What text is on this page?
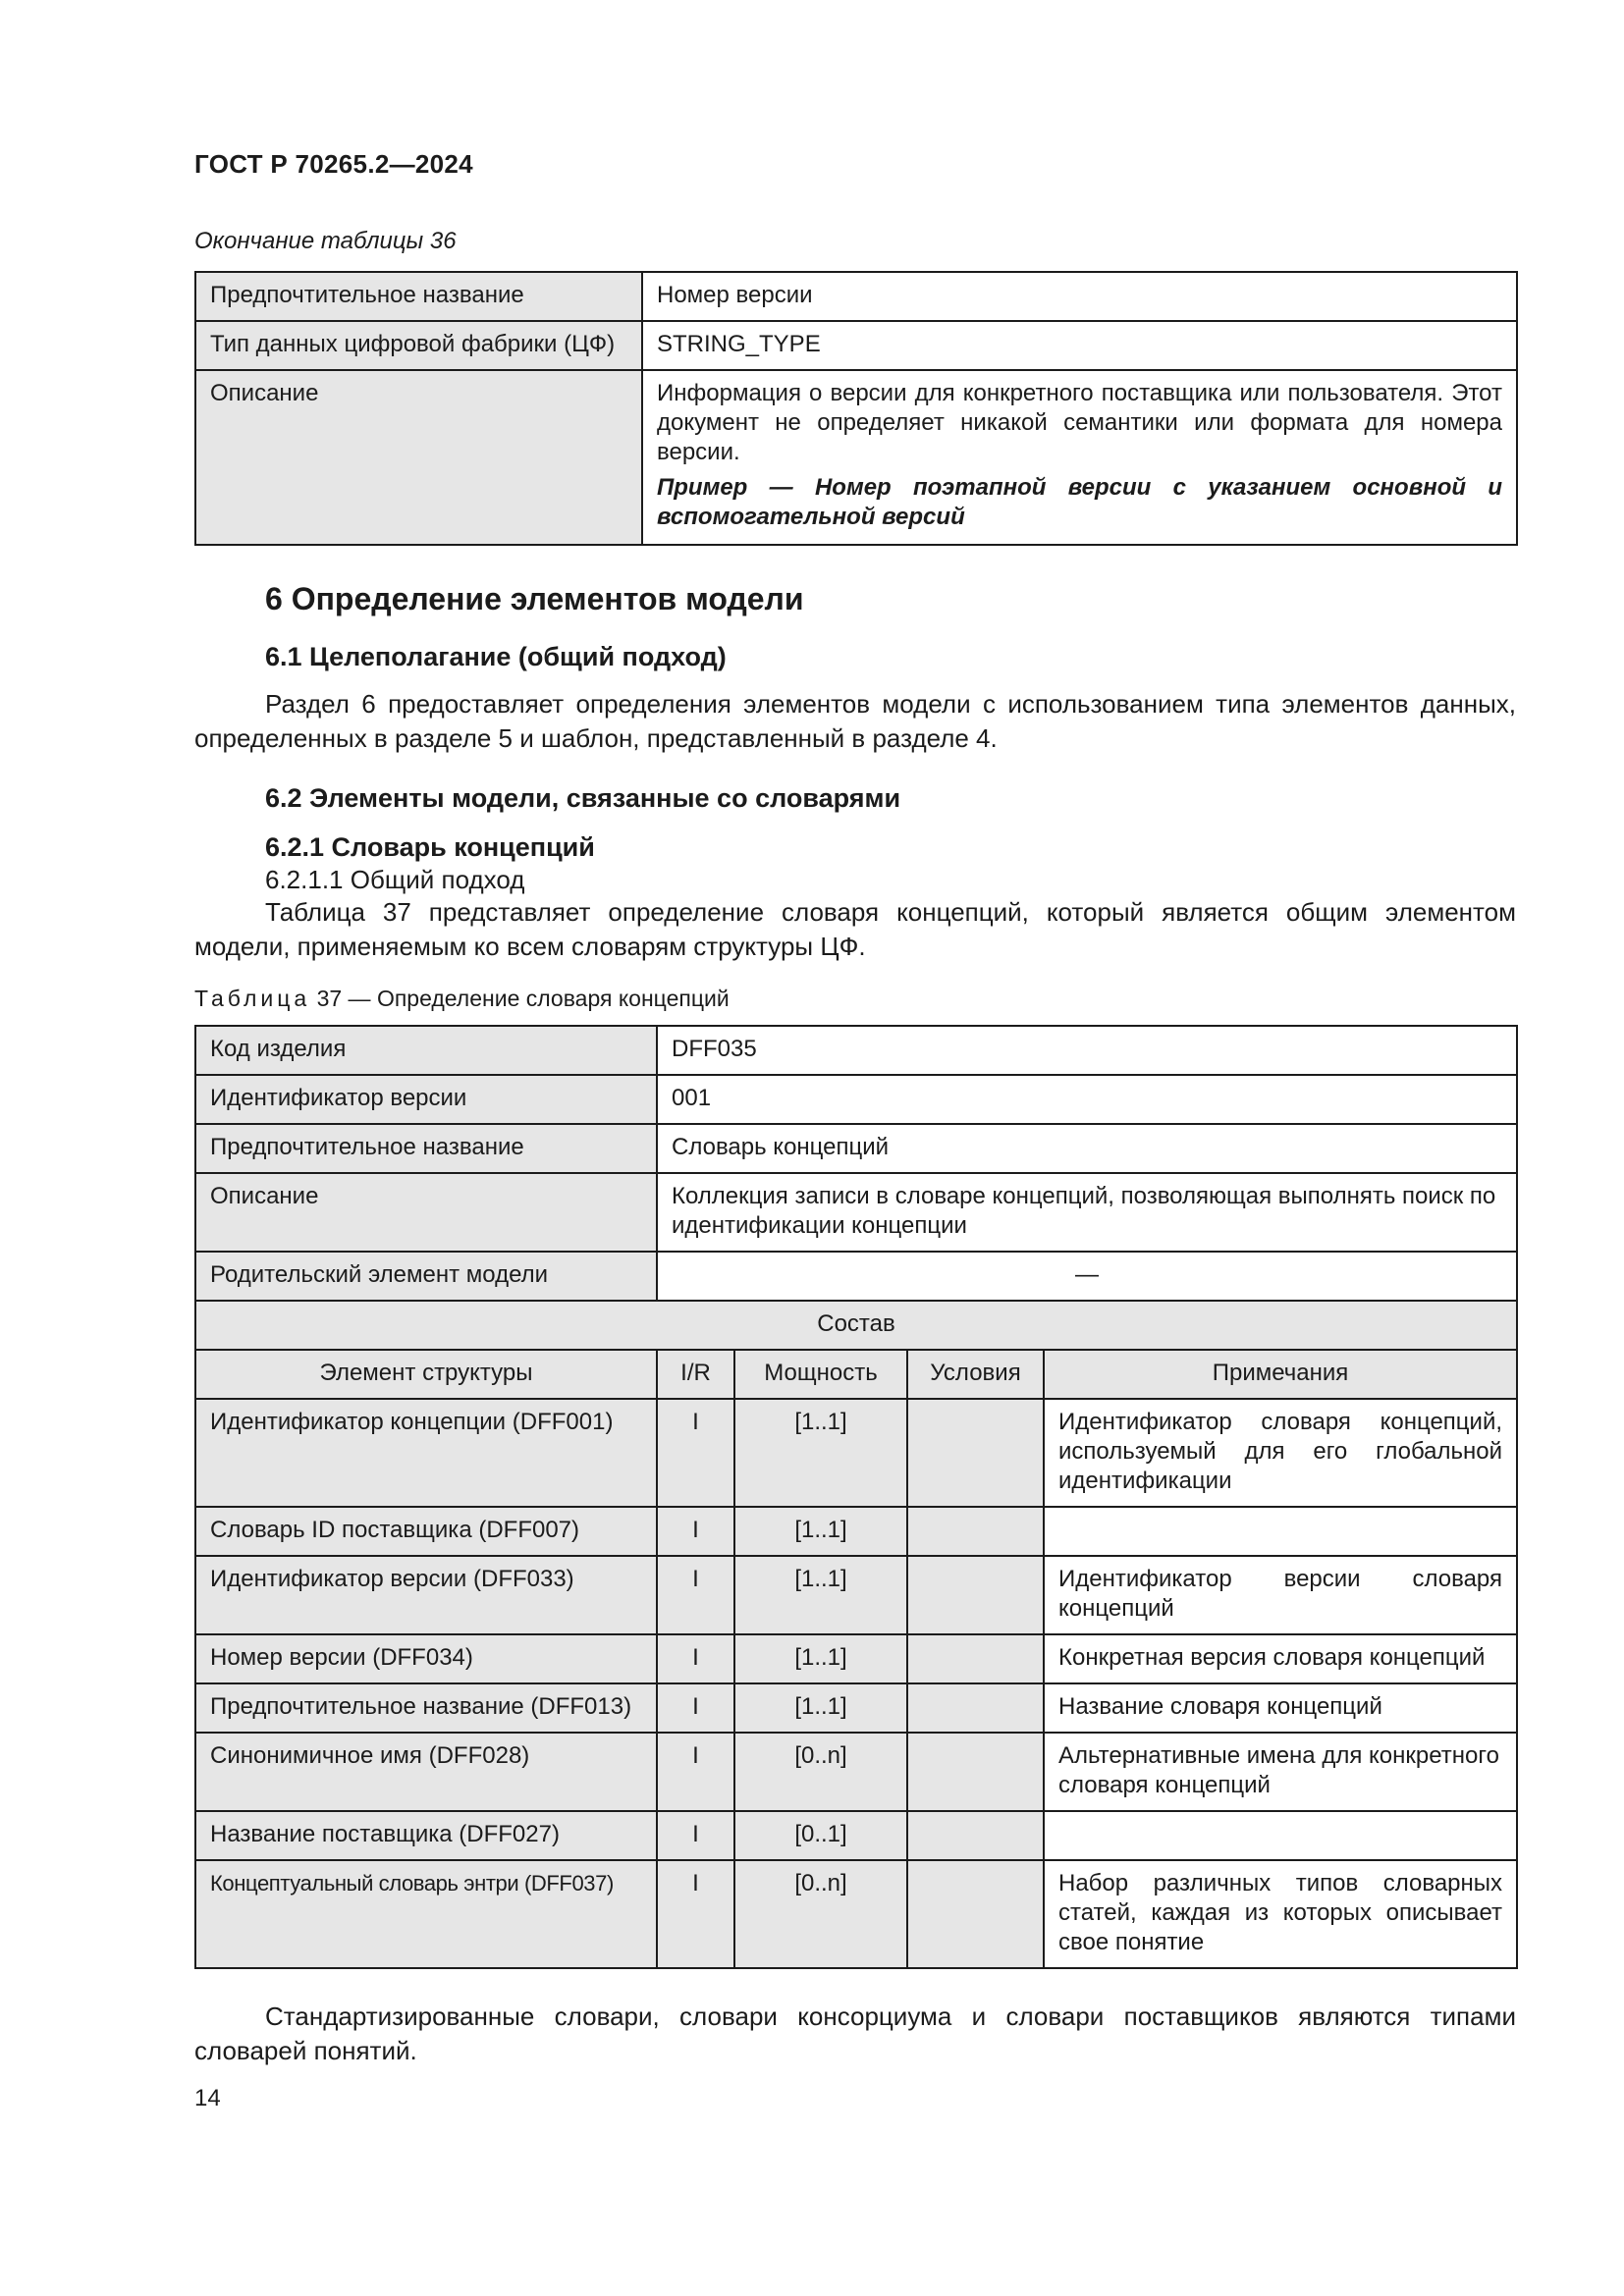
ГОСТ Р 70265.2—2024
Окончание таблицы 36
Предпочтительное название	Номер версии
Тип данных цифровой фабрики (ЦФ)	STRING_TYPE
Описание	Информация о версии для конкретного поставщика или пользователя. Этот документ не определяет никакой семантики или формата для номера версии.
Пример — Номер поэтапной версии с указанием основной и вспомогательной версий
6 Определение элементов модели
6.1 Целеполагание (общий подход)
Раздел 6 предоставляет определения элементов модели с использованием типа элементов данных, определенных в разделе 5 и шаблон, представленный в разделе 4.
6.2 Элементы модели, связанные со словарями
6.2.1 Словарь концепций
6.2.1.1 Общий подход
Таблица 37 представляет определение словаря концепций, который является общим элементом модели, применяемым ко всем словарям структуры ЦФ.
Таблица 37 — Определение словаря концепций
Код изделия	DFF035			
Идентификатор версии	001			
Предпочтительное название	Словарь концепций			
Описание	Коллекция записи в словаре концепций, позволяющая выполнять поиск по идентификации концепции			
Родительский элемент модели	—			
Состав				
Элемент структуры	I/R	Мощность	Условия	Примечания
Идентификатор концепции (DFF001)	I	[1..1]		Идентификатор словаря концепций, используемый для его глобальной идентификации
Словарь ID поставщика (DFF007)	I	[1..1]		
Идентификатор версии (DFF033)	I	[1..1]		Идентификатор версии словаря концепций
Номер версии (DFF034)	I	[1..1]		Конкретная версия словаря концепций
Предпочтительное название (DFF013)	I	[1..1]		Название словаря концепций
Синонимичное имя (DFF028)	I	[0..n]		Альтернативные имена для конкретного словаря концепций
Название поставщика (DFF027)	I	[0..1]		
Концептуальный словарь энтри (DFF037)	I	[0..n]		Набор различных типов словарных статей, каждая из которых описывает свое понятие
Стандартизированные словари, словари консорциума и словари поставщиков являются типами словарей понятий.
14
